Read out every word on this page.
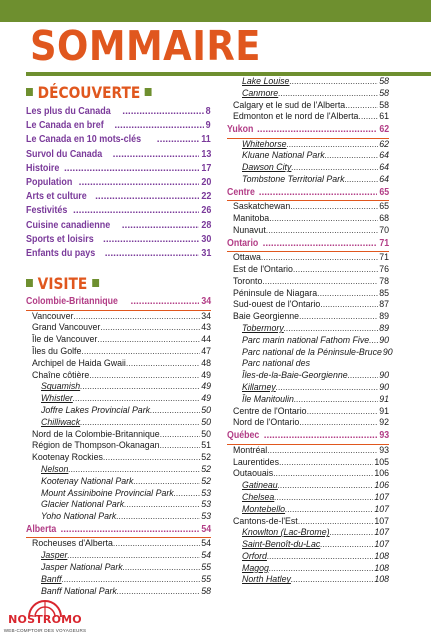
SOMMAIRE
DÉCOUVERTE
Les plus du Canada .....	8
Le Canada en bref .....	9
Le Canada en 10 mots-clés .....	11
Survol du Canada .....	13
Histoire .....	17
Population .....	20
Arts et culture .....	22
Festivités .....	26
Cuisine canadienne .....	28
Sports et loisirs .....	30
Enfants du pays .....	31
VISITE
Colombie-Britannique .....	34
Vancouver .....	34
Grand Vancouver .....	43
Île de Vancouver .....	44
Îles du Golfe .....	47
Archipel de Haida Gwaii .....	48
Chaîne côtière .....	49
Squamish .....	49
Whistler .....	49
Joffre Lakes Provincial Park .....	50
Chilliwack .....	50
Nord de la Colombie-Britannique .....	50
Région de Thompson-Okanagan .....	51
Kootenay Rockies .....	52
Nelson .....	52
Kootenay National Park .....	52
Mount Assiniboine Provincial Park .....	53
Glacier National Park .....	53
Yoho National Park .....	53
Alberta .....	54
Rocheuses d'Alberta .....	54
Jasper .....	54
Jasper National Park .....	55
Banff .....	55
Banff National Park .....	58
Lake Louise .....	58
Canmore .....	58
Calgary et le sud de l'Alberta .....	58
Edmonton et le nord de l'Alberta ..... 61
Yukon .....	62
Whitehorse .....	62
Kluane National Park .....	64
Dawson City .....	64
Tombstone Territorial Park .....	64
Centre .....	65
Saskatchewan .....	65
Manitoba .....	68
Nunavut .....	70
Ontario .....	71
Ottawa .....	71
Est de l'Ontario .....	76
Toronto .....	78
Péninsule de Niagara .....	85
Sud-ouest de l'Ontario .....	87
Baie Georgienne .....	89
Tobermory .....	89
Parc marin national Fathom Five ..... 90
Parc national de la Péninsule-Bruce 90
Parc national des
Îles-de-la-Baie-Georgienne .....	90
Killarney .....	90
Île Manitoulin .....	91
Centre de l'Ontario .....	91
Nord de l'Ontario .....	92
Québec .....	93
Montréal .....	93
Laurentides .....	105
Outaouais .....	106
Gatineau .....	106
Chelsea .....	107
Montebello .....	107
Cantons-de-l'Est .....	107
Knowlton (Lac-Brome) .....	107
Saint-Benoît-du-Lac .....	107
Orford .....	108
Magog .....	108
North Hatley .....	108
NOSTROMO
WEB-COMPTOIR DES VOYAGEURS
